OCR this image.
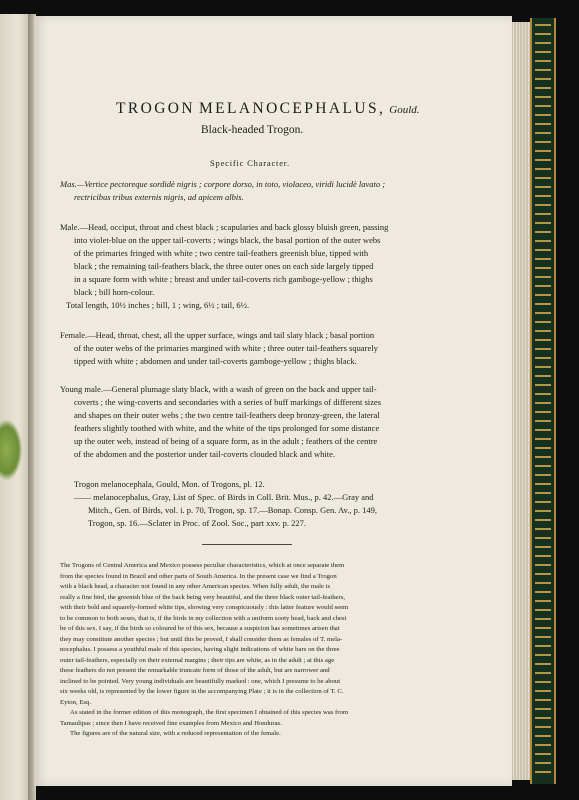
TROGON MELANOCEPHALUS, Gould.
Black-headed Trogon.
Specific Character.
Mas.—Vertice pectoreque sordidè nigris ; corpore dorso, in toto, violaceo, viridi lucidè lavato ;
rectricibus tribus externis nigris, ad apicem albis.
Male.—Head, occiput, throat and chest black ; scapularies and back glossy bluish green, passing
into violet-blue on the upper tail-coverts ; wings black, the basal portion of the outer webs
of the primaries fringed with white ; two centre tail-feathers greenish blue, tipped with
black ; the remaining tail-feathers black, the three outer ones on each side largely tipped
in a square form with white ; breast and under tail-coverts rich gamboge-yellow ; thighs
black ; bill horn-colour.
Total length, 10½ inches ; bill, 1 ; wing, 6½ ; tail, 6½.
Female.—Head, throat, chest, all the upper surface, wings and tail slaty black ; basal portion
of the outer webs of the primaries margined with white ; three outer tail-feathers squarely
tipped with white ; abdomen and under tail-coverts gamboge-yellow ; thighs black.
Young male.—General plumage slaty black, with a wash of green on the back and upper tail-
coverts ; the wing-coverts and secondaries with a series of buff markings of different sizes
and shapes on their outer webs ; the two centre tail-feathers deep bronzy-green, the lateral
feathers slightly toothed with white, and the white of the tips prolonged for some distance
up the outer web, instead of being of a square form, as in the adult ; feathers of the centre
of the abdomen and the posterior under tail-coverts clouded black and white.
Trogon melanocephala, Gould, Mon. of Trogons, pl. 12.
—— melanocephalus, Gray, List of Spec. of Birds in Coll. Brit. Mus., p. 42.—Gray and
Mitch., Gen. of Birds, vol. i. p. 70, Trogon, sp. 17.—Bonap. Consp. Gen. Av., p. 149,
Trogon, sp. 16.—Sclater in Proc. of Zool. Soc., part xxv. p. 227.
The Trogons of Central America and Mexico possess peculiar characteristics, which at once separate them
from the species found in Brazil and other parts of South America. In the present case we find a Trogon
with a black head, a character not found in any other American species. When fully adult, the male is
really a fine bird, the greenish blue of the back being very beautiful, and the three black outer tail-feathers,
with their bold and squarely-formed white tips, showing very conspicuously : this latter feature would seem
to be common to both sexes, that is, if the birds in my collection with a uniform sooty head, back and chest
be of this sex. I say, if the birds so coloured be of this sex, because a suspicion has sometimes arisen that
they may constitute another species ; but until this be proved, I shall consider them as females of T. mela-
nocephalus. I possess a youthful male of this species, having slight indications of white bars on the three
outer tail-feathers, especially on their external margins ; their tips are white, as in the adult ; at this age
these feathers do not present the remarkable truncate form of those of the adult, but are narrower and
inclined to be pointed. Very young individuals are beautifully marked : one, which I presume to be about
six weeks old, is represented by the lower figure in the accompanying Plate ; it is in the collection of T. C.
Eyton, Esq.
As stated in the former edition of this monograph, the first specimen I obtained of this species was from
Tamaulipas ; since then I have received fine examples from Mexico and Honduras.
The figures are of the natural size, with a reduced representation of the female.
